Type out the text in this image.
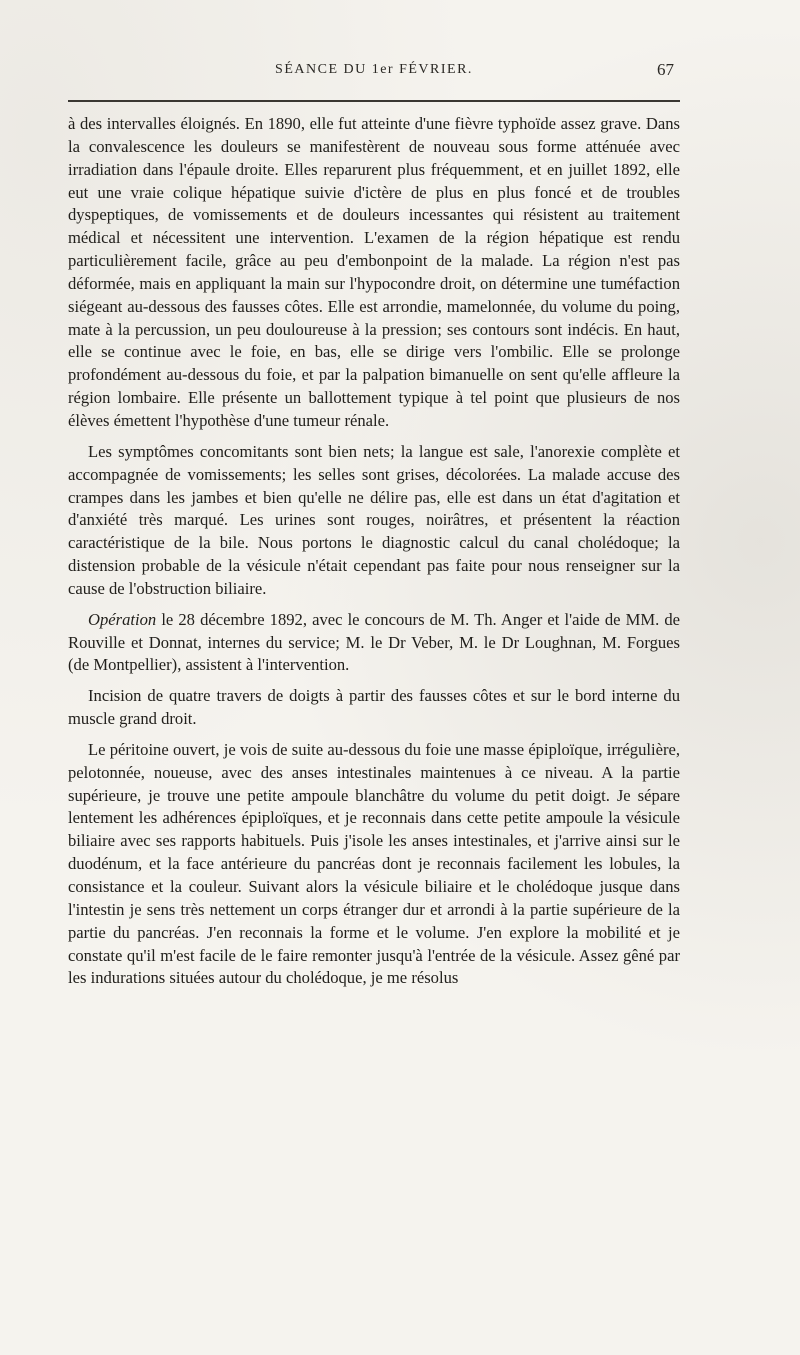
SÉANCE DU 1er FÉVRIER.	67

à des intervalles éloignés. En 1890, elle fut atteinte d'une fièvre typhoïde assez grave. Dans la convalescence les douleurs se manifestèrent de nouveau sous forme atténuée avec irradiation dans l'épaule droite. Elles reparurent plus fréquemment, et en juillet 1892, elle eut une vraie colique hépatique suivie d'ictère de plus en plus foncé et de troubles dyspeptiques, de vomissements et de douleurs incessantes qui résistent au traitement médical et nécessitent une intervention. L'examen de la région hépatique est rendu particulièrement facile, grâce au peu d'embonpoint de la malade. La région n'est pas déformée, mais en appliquant la main sur l'hypocondre droit, on détermine une tuméfaction siégeant au-dessous des fausses côtes. Elle est arrondie, mamelonnée, du volume du poing, mate à la percussion, un peu douloureuse à la pression; ses contours sont indécis. En haut, elle se continue avec le foie, en bas, elle se dirige vers l'ombilic. Elle se prolonge profondément au-dessous du foie, et par la palpation bimanuelle on sent qu'elle affleure la région lombaire. Elle présente un ballottement typique à tel point que plusieurs de nos élèves émettent l'hypothèse d'une tumeur rénale.

Les symptômes concomitants sont bien nets; la langue est sale, l'anorexie complète et accompagnée de vomissements; les selles sont grises, décolorées. La malade accuse des crampes dans les jambes et bien qu'elle ne délire pas, elle est dans un état d'agitation et d'anxiété très marqué. Les urines sont rouges, noirâtres, et présentent la réaction caractéristique de la bile. Nous portons le diagnostic calcul du canal cholédoque; la distension probable de la vésicule n'était cependant pas faite pour nous renseigner sur la cause de l'obstruction biliaire.

Opération le 28 décembre 1892, avec le concours de M. Th. Anger et l'aide de MM. de Rouville et Donnat, internes du service; M. le Dr Veber, M. le Dr Loughnan, M. Forgues (de Montpellier), assistent à l'intervention.

Incision de quatre travers de doigts à partir des fausses côtes et sur le bord interne du muscle grand droit.

Le péritoine ouvert, je vois de suite au-dessous du foie une masse épiploïque, irrégulière, pelotonnée, noueuse, avec des anses intestinales maintenues à ce niveau. A la partie supérieure, je trouve une petite ampoule blanchâtre du volume du petit doigt. Je sépare lentement les adhérences épiploïques, et je reconnais dans cette petite ampoule la vésicule biliaire avec ses rapports habituels. Puis j'isole les anses intestinales, et j'arrive ainsi sur le duodénum, et la face antérieure du pancréas dont je reconnais facilement les lobules, la consistance et la couleur. Suivant alors la vésicule biliaire et le cholédoque jusque dans l'intestin je sens très nettement un corps étranger dur et arrondi à la partie supérieure de la partie du pancréas. J'en reconnais la forme et le volume. J'en explore la mobilité et je constate qu'il m'est facile de le faire remonter jusqu'à l'entrée de la vésicule. Assez gêné par les indurations situées autour du cholédoque, je me résolus
